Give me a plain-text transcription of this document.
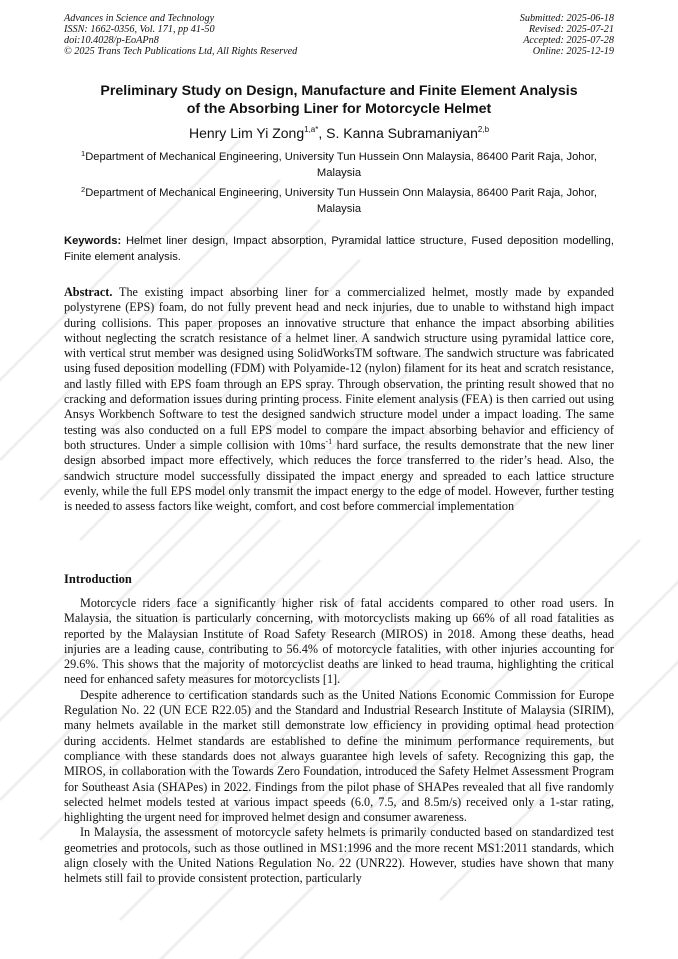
Advances in Science and Technology
ISSN: 1662-0356, Vol. 171, pp 41-50
doi:10.4028/p-EoAPn8
© 2025 Trans Tech Publications Ltd, All Rights Reserved
Submitted: 2025-06-18
Revised: 2025-07-21
Accepted: 2025-07-28
Online: 2025-12-19
Preliminary Study on Design, Manufacture and Finite Element Analysis
of the Absorbing Liner for Motorcycle Helmet
Henry Lim Yi Zong$^{1,a*}$, S. Kanna Subramaniyan$^{2,b}$
$^1$Department of Mechanical Engineering, University Tun Hussein Onn Malaysia, 86400 Parit Raja, Johor, Malaysia
$^2$Department of Mechanical Engineering, University Tun Hussein Onn Malaysia, 86400 Parit Raja, Johor, Malaysia
Keywords: Helmet liner design, Impact absorption, Pyramidal lattice structure, Fused deposition modelling, Finite element analysis.

Abstract. The existing impact absorbing liner for a commercialized helmet, mostly made by expanded polystyrene (EPS) foam, do not fully prevent head and neck injuries, due to unable to withstand high impact during collisions. This paper proposes an innovative structure that enhance the impact absorbing abilities without neglecting the scratch resistance of a helmet liner. A sandwich structure using pyramidal lattice core, with vertical strut member was designed using SolidWorksTM software. The sandwich structure was fabricated using fused deposition modelling (FDM) with Polyamide-12 (nylon) filament for its heat and scratch resistance, and lastly filled with EPS foam through an EPS spray. Through observation, the printing result showed that no cracking and deformation issues during printing process. Finite element analysis (FEA) is then carried out using Ansys Workbench Software to test the designed sandwich structure model under a impact loading. The same testing was also conducted on a full EPS model to compare the impact absorbing behavior and efficiency of both structures. Under a simple collision with $10ms^{-1}$ hard surface, the results demonstrate that the new liner design absorbed impact more effectively, which reduces the force transferred to the rider’s head. Also, the sandwich structure model successfully dissipated the impact energy and spreaded to each lattice structure evenly, while the full EPS model only transmit the impact energy to the edge of model. However, further testing is needed to assess factors like weight, comfort, and cost before commercial implementation

Introduction

Motorcycle riders face a significantly higher risk of fatal accidents compared to other road users. In Malaysia, the situation is particularly concerning, with motorcyclists making up 66% of all road fatalities as reported by the Malaysian Institute of Road Safety Research (MIROS) in 2018. Among these deaths, head injuries are a leading cause, contributing to 56.4% of motorcycle fatalities, with other injuries accounting for 29.6%. This shows that the majority of motorcyclist deaths are linked to head trauma, highlighting the critical need for enhanced safety measures for motorcyclists [1].

Despite adherence to certification standards such as the United Nations Economic Commission for Europe Regulation No. 22 (UN ECE R22.05) and the Standard and Industrial Research Institute of Malaysia (SIRIM), many helmets available in the market still demonstrate low efficiency in providing optimal head protection during accidents. Helmet standards are established to define the minimum performance requirements, but compliance with these standards does not always guarantee high levels of safety. Recognizing this gap, the MIROS, in collaboration with the Towards Zero Foundation, introduced the Safety Helmet Assessment Program for Southeast Asia (SHAPes) in 2022. Findings from the pilot phase of SHAPes revealed that all five randomly selected helmet models tested at various impact speeds (6.0, 7.5, and 8.5m/s) received only a 1-star rating, highlighting the urgent need for improved helmet design and consumer awareness.

In Malaysia, the assessment of motorcycle safety helmets is primarily conducted based on standardized test geometries and protocols, such as those outlined in MS1:1996 and the more recent MS1:2011 standards, which align closely with the United Nations Regulation No. 22 (UNR22). However, studies have shown that many helmets still fail to provide consistent protection, particularly
